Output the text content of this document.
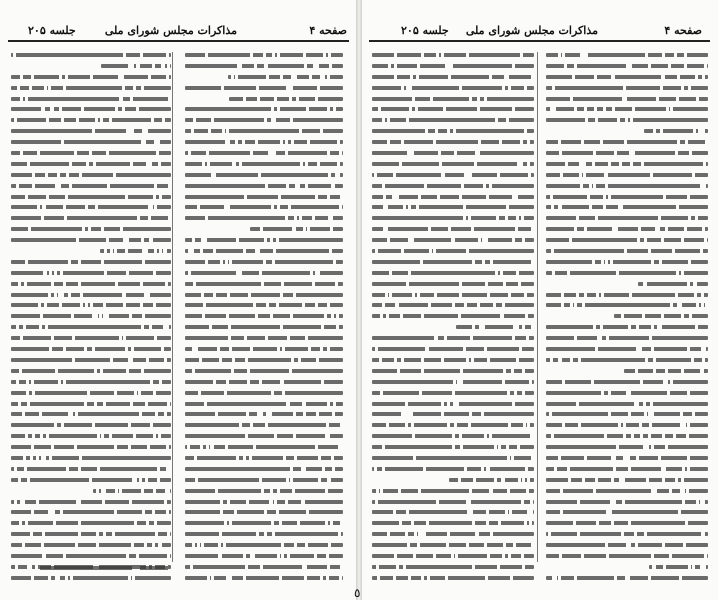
صفحه ۴
مذاکرات مجلس شورای ملی
جلسه ۲۰۵	صفحه ۴
مذاکرات مجلس شورای ملی
جلسه ۲۰۵
٥
